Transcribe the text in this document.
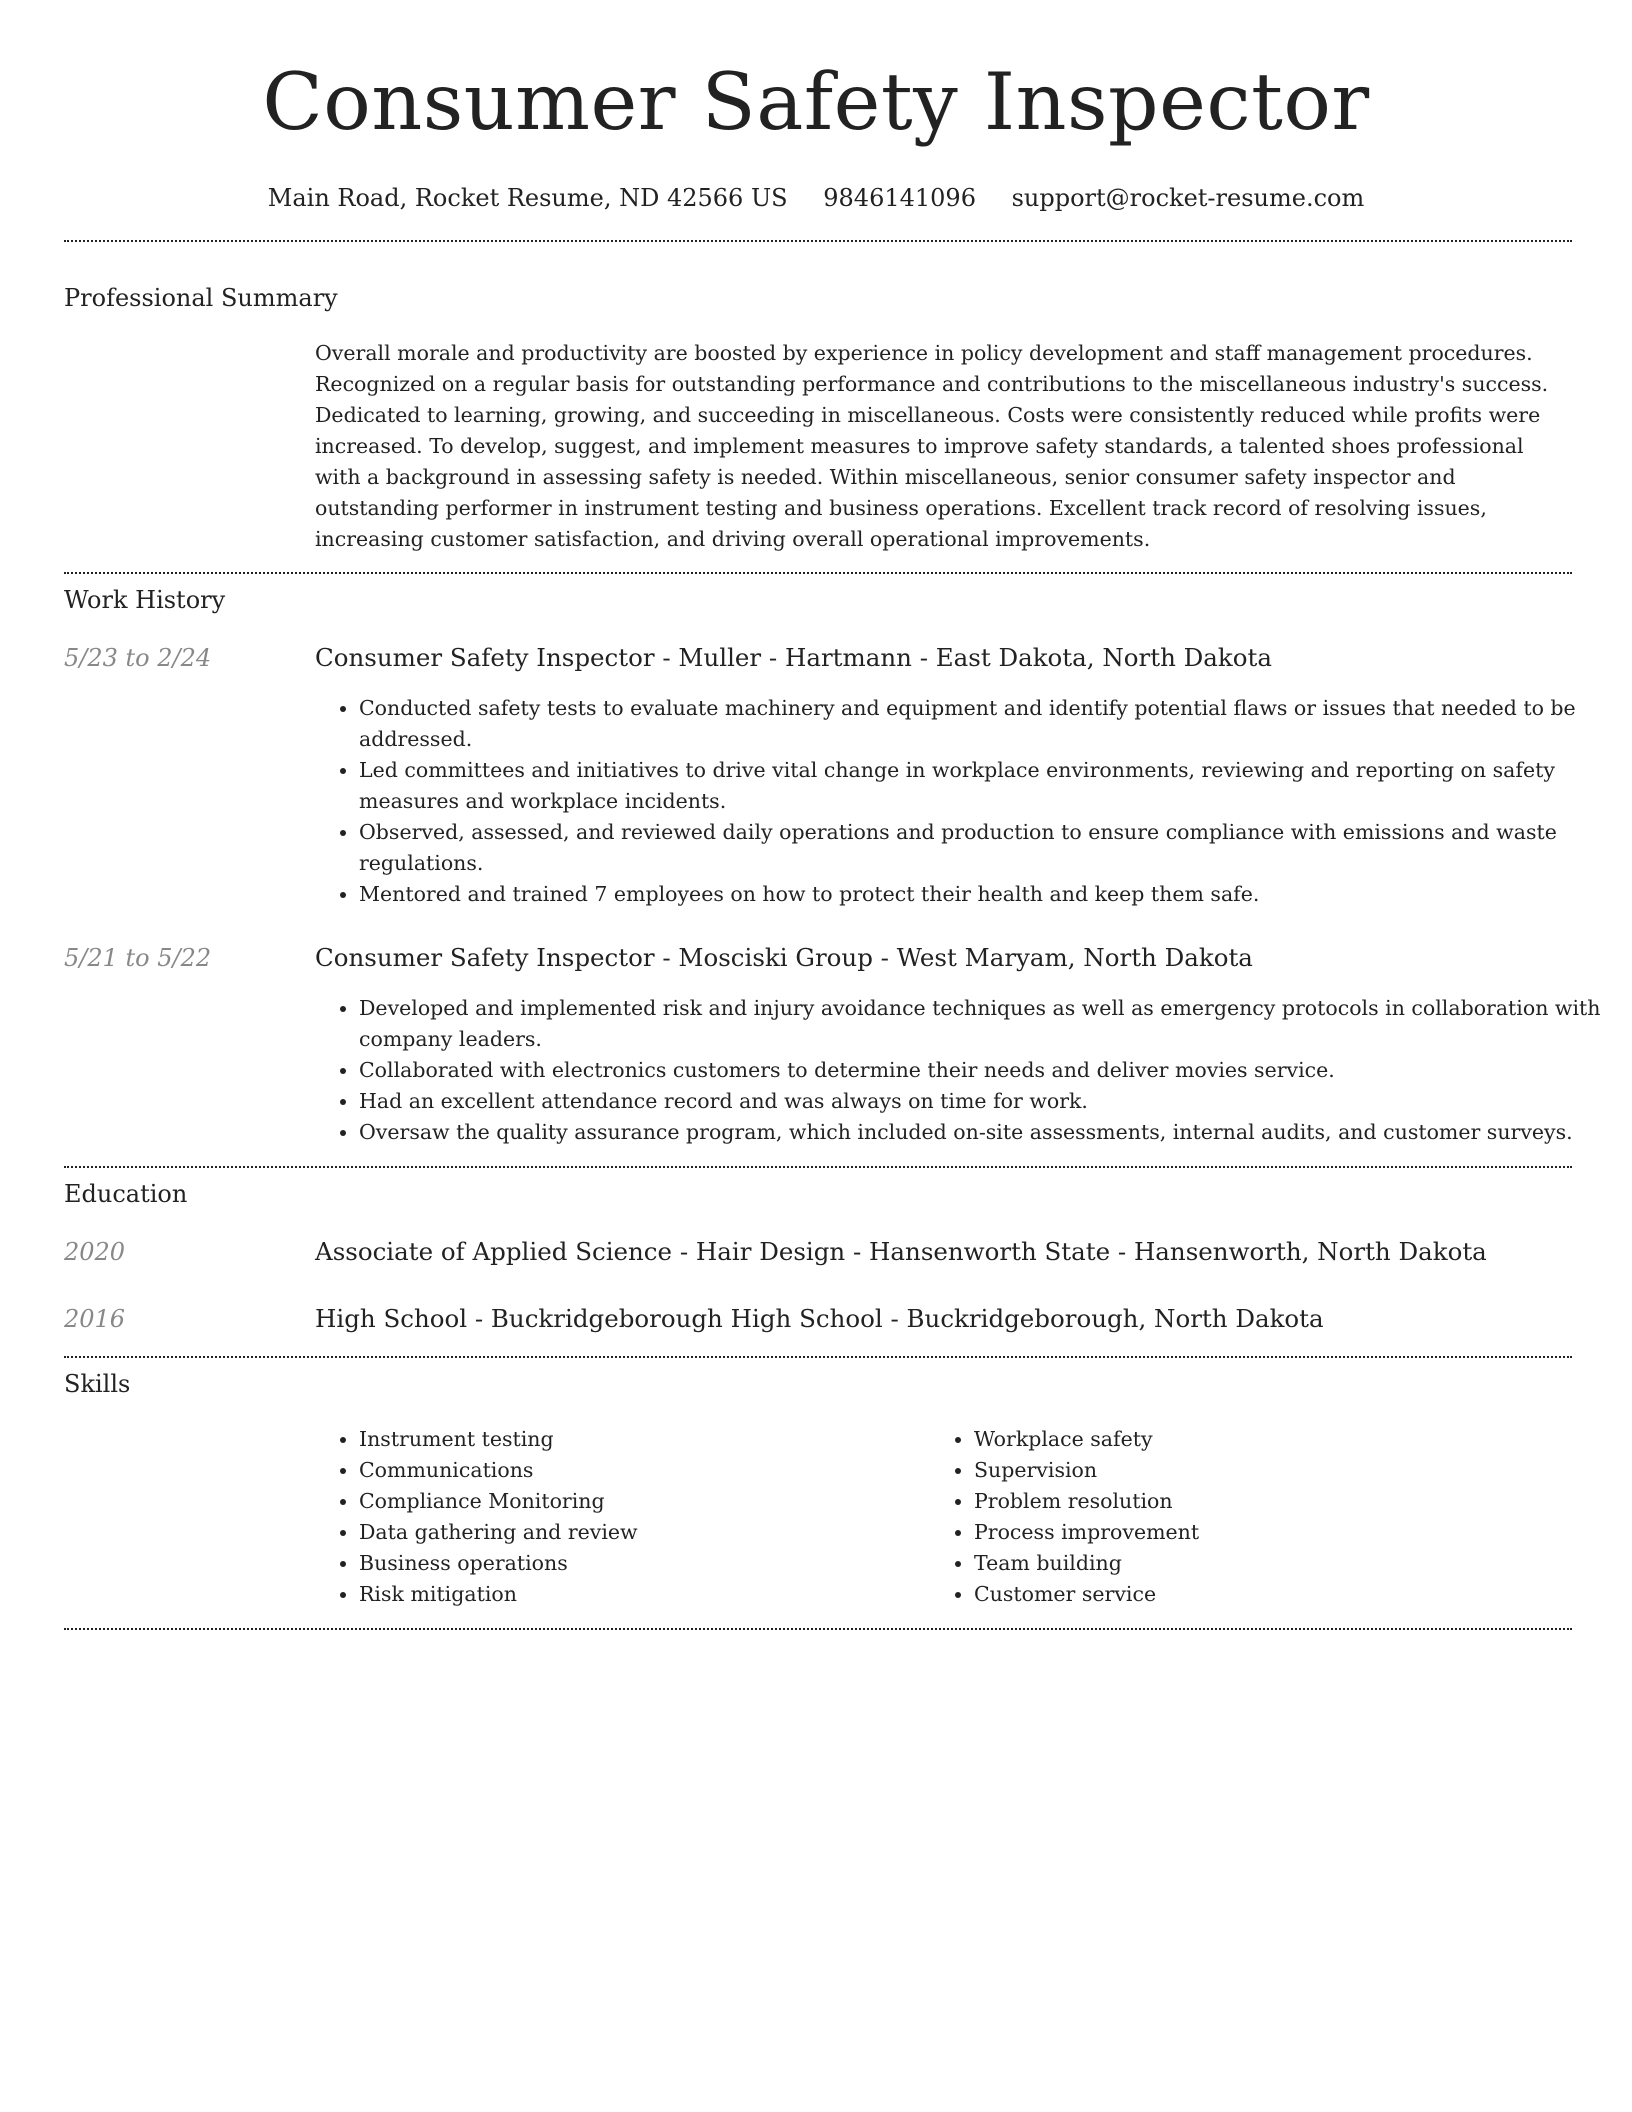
Consumer Safety Inspector
Main Road, Rocket Resume, ND 42566 US 9846141096 support@rocket-resume.com
Professional Summary
Overall morale and productivity are boosted by experience in policy development and staff management procedures. Recognized on a regular basis for outstanding performance and contributions to the miscellaneous industry's success. Dedicated to learning, growing, and succeeding in miscellaneous. Costs were consistently reduced while profits were increased. To develop, suggest, and implement measures to improve safety standards, a talented shoes professional with a background in assessing safety is needed. Within miscellaneous, senior consumer safety inspector and outstanding performer in instrument testing and business operations. Excellent track record of resolving issues, increasing customer satisfaction, and driving overall operational improvements.
Work History
5/23 to 2/24	Consumer Safety Inspector - Muller - Hartmann - East Dakota, North Dakota
• Conducted safety tests to evaluate machinery and equipment and identify potential flaws or issues that needed to be addressed.
• Led committees and initiatives to drive vital change in workplace environments, reviewing and reporting on safety measures and workplace incidents.
• Observed, assessed, and reviewed daily operations and production to ensure compliance with emissions and waste regulations.
• Mentored and trained 7 employees on how to protect their health and keep them safe.
5/21 to 5/22	Consumer Safety Inspector - Mosciski Group - West Maryam, North Dakota
• Developed and implemented risk and injury avoidance techniques as well as emergency protocols in collaboration with company leaders.
• Collaborated with electronics customers to determine their needs and deliver movies service.
• Had an excellent attendance record and was always on time for work.
• Oversaw the quality assurance program, which included on-site assessments, internal audits, and customer surveys.
Education
2020	Associate of Applied Science - Hair Design - Hansenworth State - Hansenworth, North Dakota
2016	High School - Buckridgeborough High School - Buckridgeborough, North Dakota
Skills
• Instrument testing
• Communications
• Compliance Monitoring
• Data gathering and review
• Business operations
• Risk mitigation
• Workplace safety
• Supervision
• Problem resolution
• Process improvement
• Team building
• Customer service
